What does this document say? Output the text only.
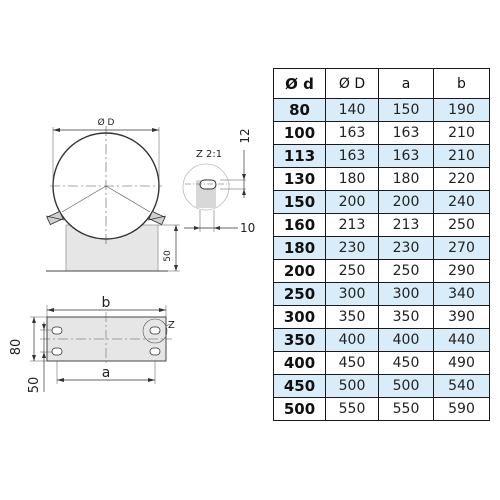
Ø D
50
Z 2:1
12
10
Z
b
a
80
50
Ø d	Ø D	a	b
80	140	150	190
100	163	163	210
113	163	163	210
130	180	180	220
150	200	200	240
160	213	213	250
180	230	230	270
200	250	250	290
250	300	300	340
300	350	350	390
350	400	400	440
400	450	450	490
450	500	500	540
500	550	550	590
